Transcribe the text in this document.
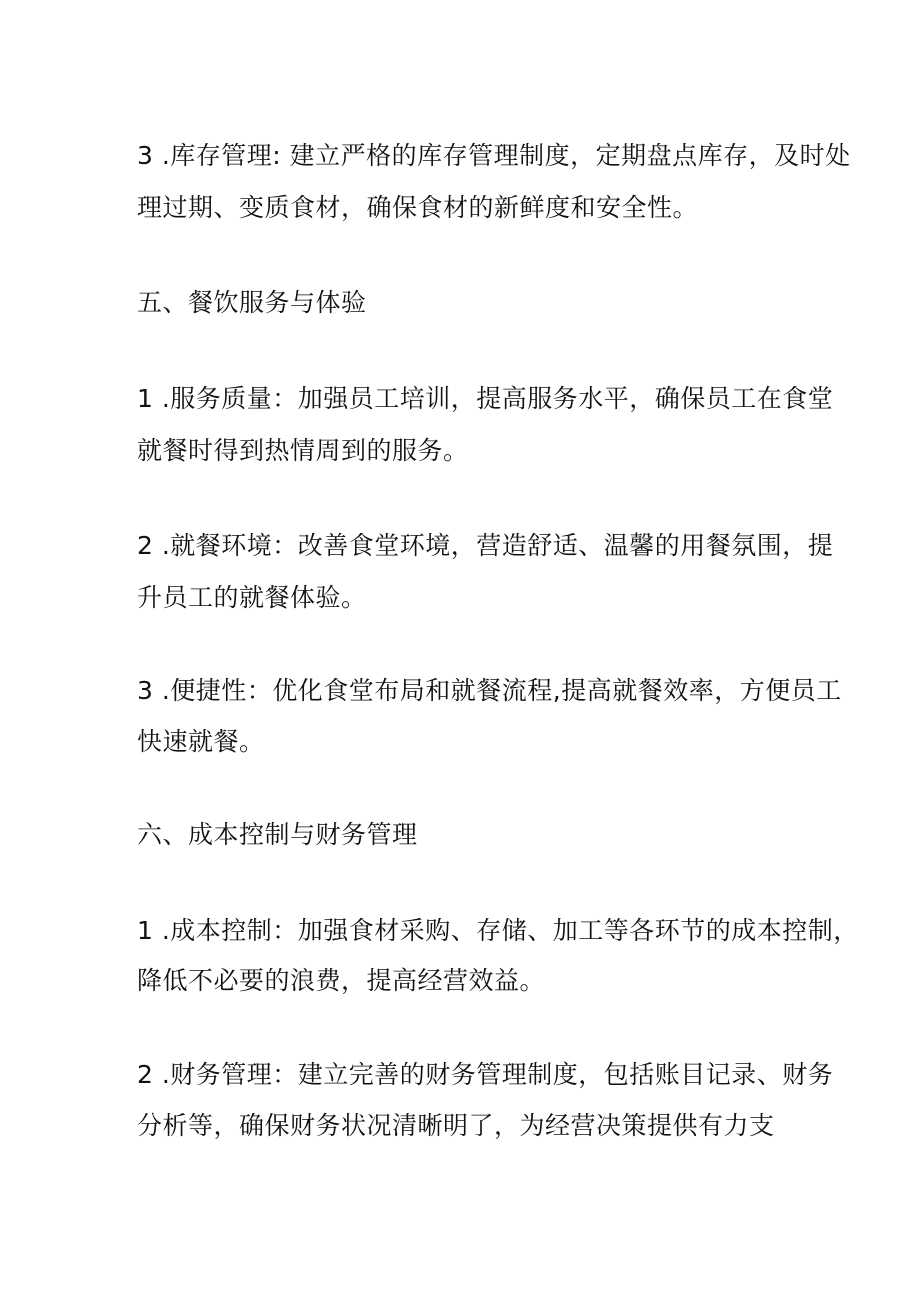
3 .库存管理: 建立严格的库存管理制度，定期盘点库存，及时处
理过期、变质食材，确保食材的新鲜度和安全性。
五、餐饮服务与体验
1 .服务质量：加强员工培训，提高服务水平，确保员工在食堂
就餐时得到热情周到的服务。
2 .就餐环境：改善食堂环境，营造舒适、温馨的用餐氛围，提
升员工的就餐体验。
3 .便捷性：优化食堂布局和就餐流程,提高就餐效率，方便员工
快速就餐。
六、成本控制与财务管理
1 .成本控制：加强食材采购、存储、加工等各环节的成本控制，
降低不必要的浪费，提高经营效益。
2 .财务管理：建立完善的财务管理制度，包括账目记录、财务
分析等，确保财务状况清晰明了，为经营决策提供有力支
